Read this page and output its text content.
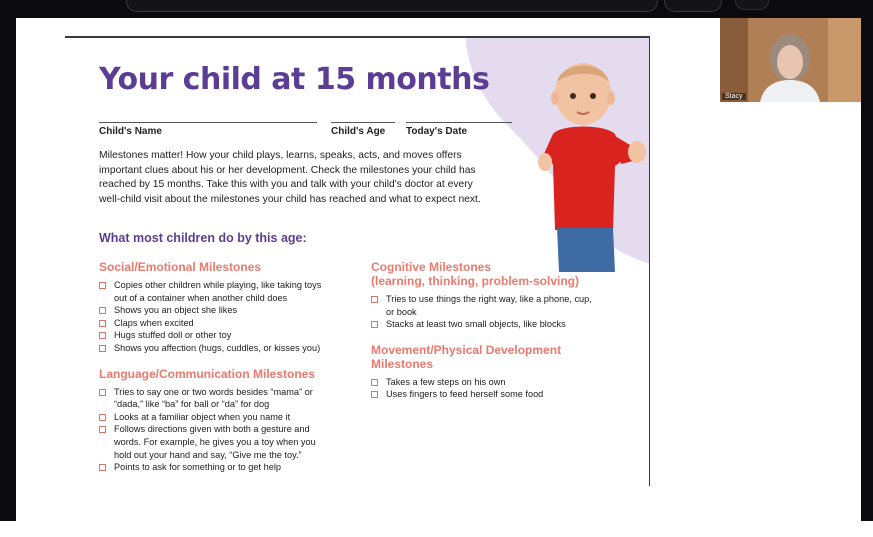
Your child at 15 months
Child's Name	Child's Age	Today's Date
Milestones matter! How your child plays, learns, speaks, acts, and moves offers
important clues about his or her development. Check the milestones your child has
reached by 15 months. Take this with you and talk with your child's doctor at every
well-child visit about the milestones your child has reached and what to expect next.
What most children do by this age:
Social/Emotional Milestones
Copies other children while playing, like taking toys
out of a container when another child does
Shows you an object she likes
Claps when excited
Hugs stuffed doll or other toy
Shows you affection (hugs, cuddles, or kisses you)
Language/Communication Milestones
Tries to say one or two words besides “mama” or
“dada,” like “ba” for ball or “da” for dog
Looks at a familiar object when you name it
Follows directions given with both a gesture and
words. For example, he gives you a toy when you
hold out your hand and say, “Give me the toy.”
Points to ask for something or to get help
Cognitive Milestones
(learning, thinking, problem-solving)
Tries to use things the right way, like a phone, cup,
or book
Stacks at least two small objects, like blocks
Movement/Physical Development
Milestones
Takes a few steps on his own
Uses fingers to feed herself some food
Stacy
